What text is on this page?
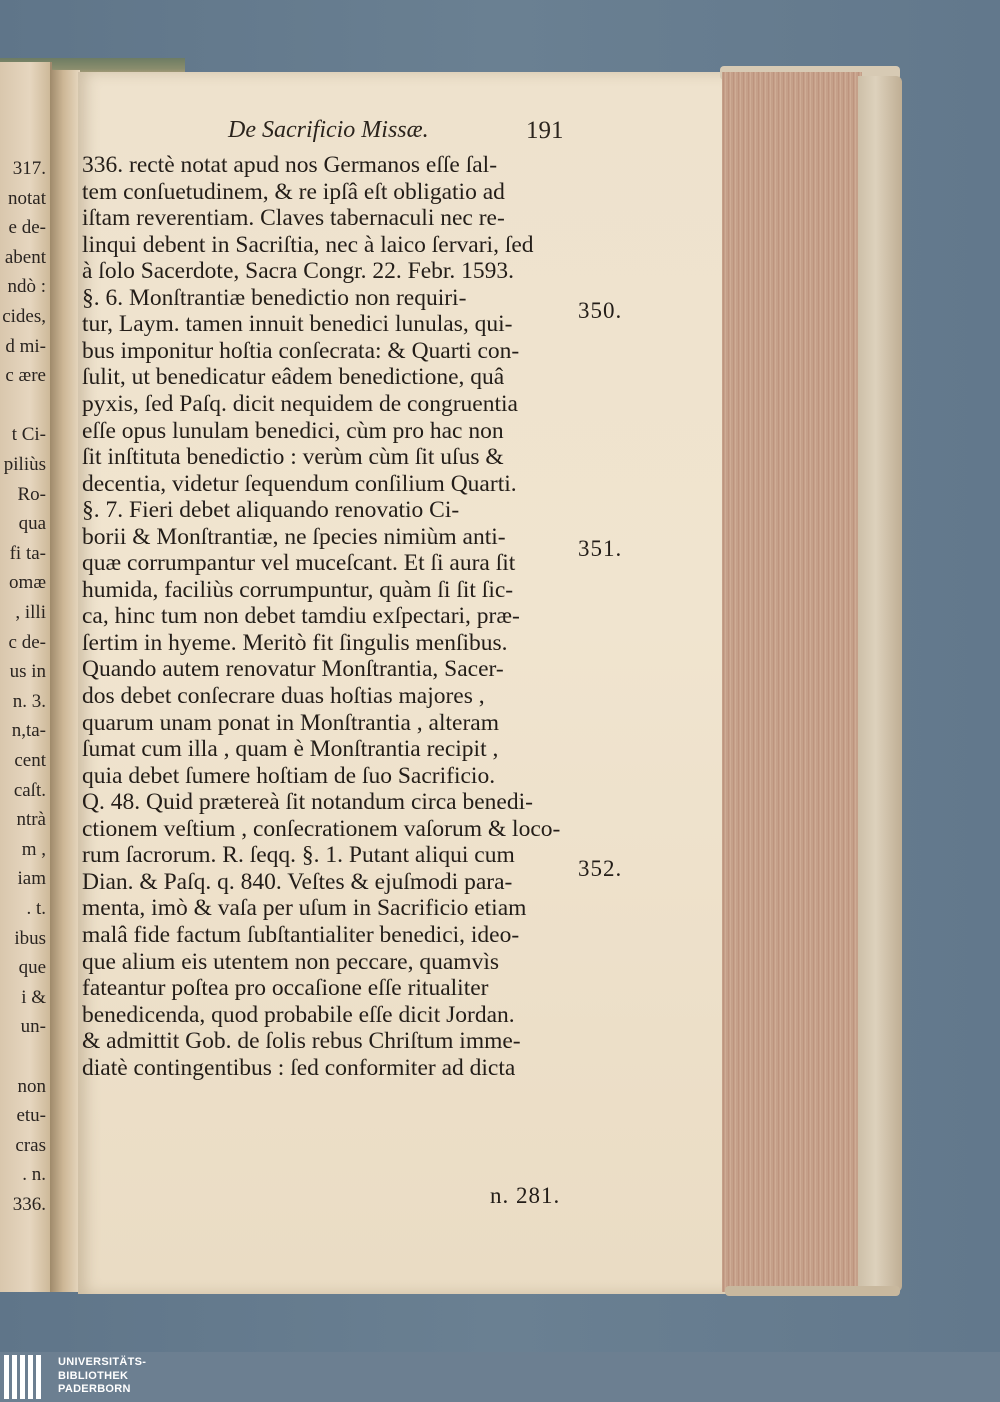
317.
notat
e de-
abent
ndò :
cides,
d mi-
c ære
t Ci-
piliùs
Ro-
qua
fi ta-
omæ
, illi
c de-
us in
n. 3.
n,ta-
cent
caſt.
ntrà
m ,
iam
. t.
ibus
que
i &
un-
non
etu-
cras
. n.
336.
De Sacrificio Missæ.	191
336. rectè notat apud nos Germanos eſſe ſal-
tem conſuetudinem, & re ipſâ eſt obligatio ad
iſtam reverentiam. Claves tabernaculi nec re-
linqui debent in Sacriſtia, nec à laico ſervari, ſed
à ſolo Sacerdote, Sacra Congr. 22. Febr. 1593.
§. 6. Monſtrantiæ benedictio non requiri-
tur, Laym. tamen innuit benedici lunulas, qui-
bus imponitur hoſtia conſecrata: & Quarti con-
ſulit, ut benedicatur eâdem benedictione, quâ
pyxis, ſed Paſq. dicit nequidem de congruentia
eſſe opus lunulam benedici, cùm pro hac non
ſit inſtituta benedictio : verùm cùm ſit uſus &
decentia, videtur ſequendum conſilium Quarti.
§. 7. Fieri debet aliquando renovatio Ci-
borii & Monſtrantiæ, ne ſpecies nimiùm anti-
quæ corrumpantur vel muceſcant. Et ſi aura ſit
humida, faciliùs corrumpuntur, quàm ſi ſit ſic-
ca, hinc tum non debet tamdiu exſpectari, præ-
ſertim in hyeme. Meritò fit ſingulis menſibus.
Quando autem renovatur Monſtrantia, Sacer-
dos debet conſecrare duas hoſtias majores ,
quarum unam ponat in Monſtrantia , alteram
ſumat cum illa , quam è Monſtrantia recipit ,
quia debet ſumere hoſtiam de ſuo Sacrificio.
Q. 48. Quid prætereà ſit notandum circa benedi-
ctionem veſtium , conſecrationem vaſorum & loco-
rum ſacrorum. R. ſeqq. §. 1. Putant aliqui cum
Dian. & Paſq. q. 840. Veſtes & ejuſmodi para-
menta, imò & vaſa per uſum in Sacrificio etiam
malâ fide factum ſubſtantialiter benedici, ideo-
que alium eis utentem non peccare, quamvìs
fateantur poſtea pro occaſione eſſe ritualiter
benedicenda, quod probabile eſſe dicit Jordan.
& admittit Gob. de ſolis rebus Chriſtum imme-
diatè contingentibus : ſed conformiter ad dicta
350.
351.
352.
n. 281.
UNIVERSITÄTS-
BIBLIOTHEK
PADERBORN
